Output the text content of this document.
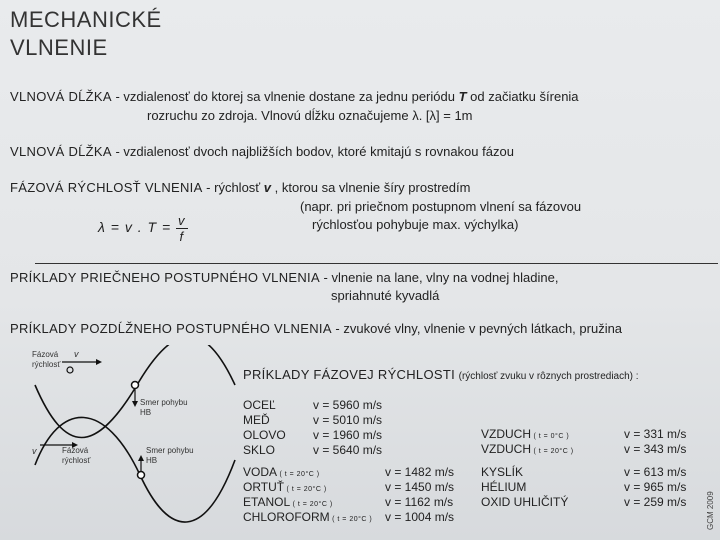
MECHANICKÉ
VLNENIE
VLNOVÁ DĹŽKA - vzdialenosť do ktorej sa vlnenie dostane za jednu periódu T od začiatku šírenia
rozruchu zo zdroja. Vlnovú dĺžku označujeme λ. [λ] = 1m
VLNOVÁ DĹŽKA - vzdialenosť dvoch najbližších bodov, ktoré kmitajú s rovnakou fázou
FÁZOVÁ RÝCHLOSŤ VLNENIA - rýchlosť v , ktorou sa vlnenie šíry prostredím
(napr. pri priečnom postupnom vlnení sa fázovou
rýchlosťou pohybuje max. výchylka)
λ = v . $T = \frac{v}{f}$
PRÍKLADY PRIEČNEHO POSTUPNÉHO VLNENIA - vlnenie na lane, vlny na vodnej hladine,
spriahnuté kyvadlá
PRÍKLADY POZDĹŽNEHO POSTUPNÉHO VLNENIA - zvukové vlny, vlnenie v pevných látkach, pružina
Fázová
rýchlosť
v
Smer pohybu
HB
v	Fázová
rýchlosť
Smer pohybu
HB
PRÍKLADY FÁZOVEJ RÝCHLOSTI (rýchlosť zvuku v rôznych prostrediach) :
OCEĽ
MEĎ
OLOVO
SKLO
v = 5960 m/s
v = 5010 m/s
v = 1960 m/s
v = 5640 m/s
VODA ( t = 20°C )
ORTUŤ ( t = 20°C )
ETANOL ( t = 20°C )
CHLOROFORM ( t = 20°C )
v = 1482 m/s
v = 1450 m/s
v = 1162 m/s
v = 1004 m/s
VZDUCH ( t = 0°C )
VZDUCH ( t = 20°C )
v = 331 m/s
v = 343 m/s
KYSLÍK
HÉLIUM
OXID UHLIČITÝ
v = 613 m/s
v = 965 m/s
v = 259 m/s GCM 2009
